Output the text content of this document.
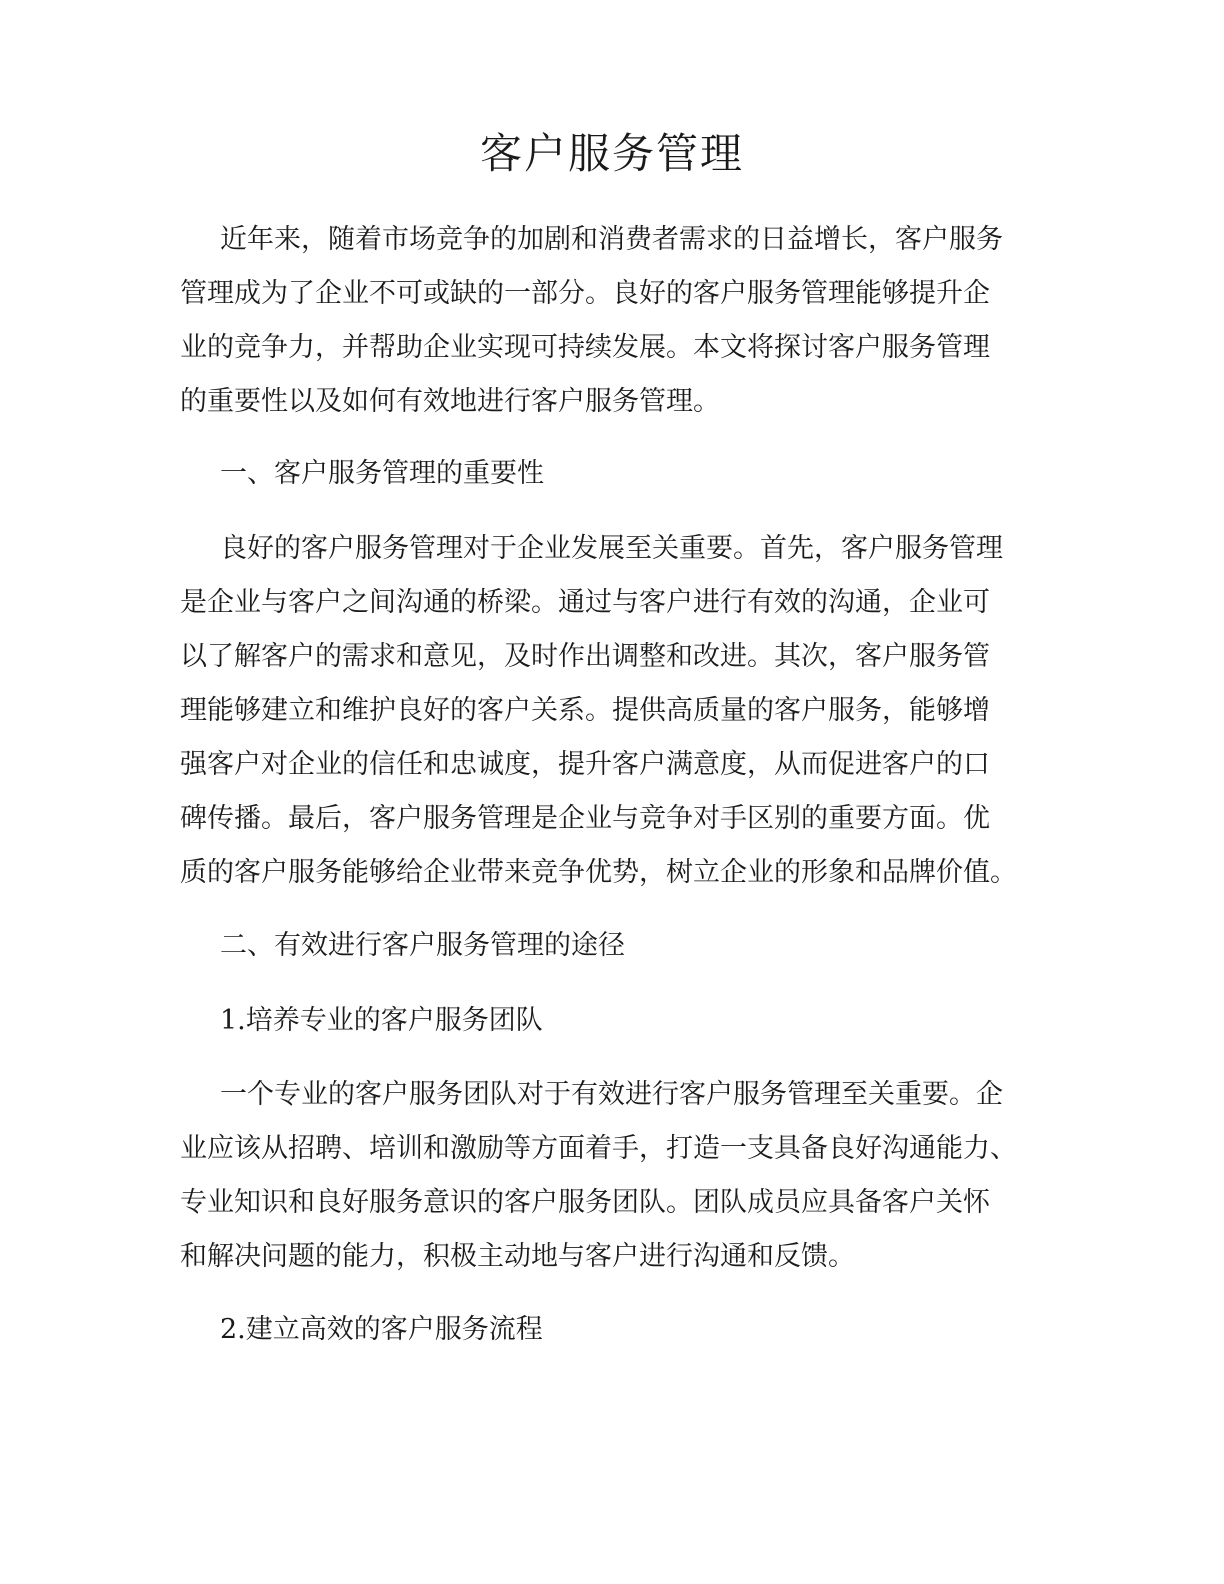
客户服务管理

近年来，随着市场竞争的加剧和消费者需求的日益增长，客户服务

管理成为了企业不可或缺的一部分。良好的客户服务管理能够提升企

业的竞争力，并帮助企业实现可持续发展。本文将探讨客户服务管理

的重要性以及如何有效地进行客户服务管理。

一、客户服务管理的重要性

良好的客户服务管理对于企业发展至关重要。首先，客户服务管理

是企业与客户之间沟通的桥梁。通过与客户进行有效的沟通，企业可

以了解客户的需求和意见，及时作出调整和改进。其次，客户服务管

理能够建立和维护良好的客户关系。提供高质量的客户服务，能够增

强客户对企业的信任和忠诚度，提升客户满意度，从而促进客户的口

碑传播。最后，客户服务管理是企业与竞争对手区别的重要方面。优

质的客户服务能够给企业带来竞争优势，树立企业的形象和品牌价值。

二、有效进行客户服务管理的途径

1.培养专业的客户服务团队

一个专业的客户服务团队对于有效进行客户服务管理至关重要。企

业应该从招聘、培训和激励等方面着手，打造一支具备良好沟通能力、

专业知识和良好服务意识的客户服务团队。团队成员应具备客户关怀

和解决问题的能力，积极主动地与客户进行沟通和反馈。

2.建立高效的客户服务流程
